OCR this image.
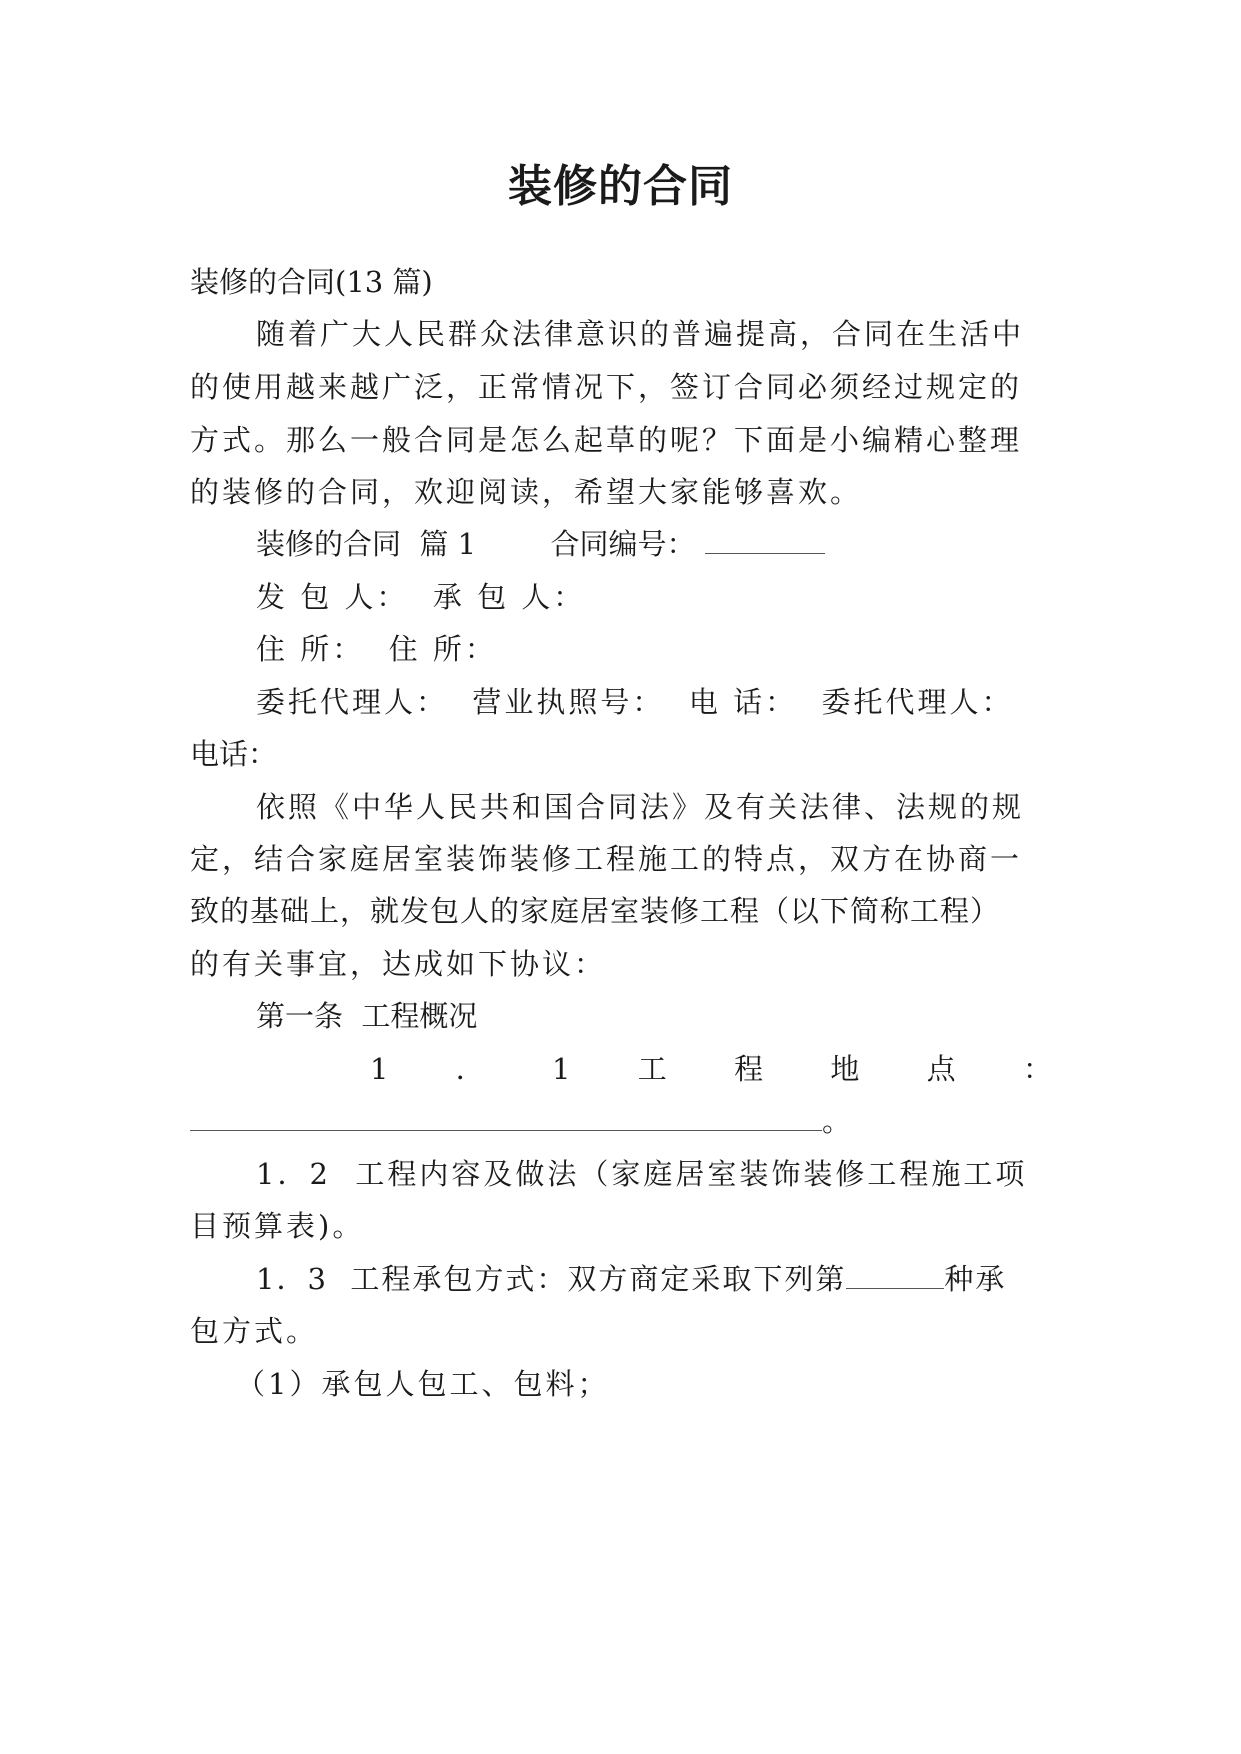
装修的合同

装修的合同(13 篇)

随着广大人民群众法律意识的普遍提高，合同在生活中

的使用越来越广泛，正常情况下，签订合同必须经过规定的

方式。那么一般合同是怎么起草的呢？下面是小编精心整理

的装修的合同，欢迎阅读，希望大家能够喜欢。

装修的合同  篇 1	合同编号：

发 包 人：  承 包 人：

住 所：  住 所：

委托代理人：  营业执照号：  电 话：  委托代理人：

电话：

依照《中华人民共和国合同法》及有关法律、法规的规

定，结合家庭居室装饰装修工程施工的特点，双方在协商一

致的基础上，就发包人的家庭居室装修工程（以下简称工程）

的有关事宜，达成如下协议：

第一条  工程概况

1 ． 1 工 程 地 点 ：

。

1．2  工程内容及做法（家庭居室装饰装修工程施工项

目预算表)。

1．3  工程承包方式：双方商定采取下列第	种承

包方式。

（1）承包人包工、包料；
